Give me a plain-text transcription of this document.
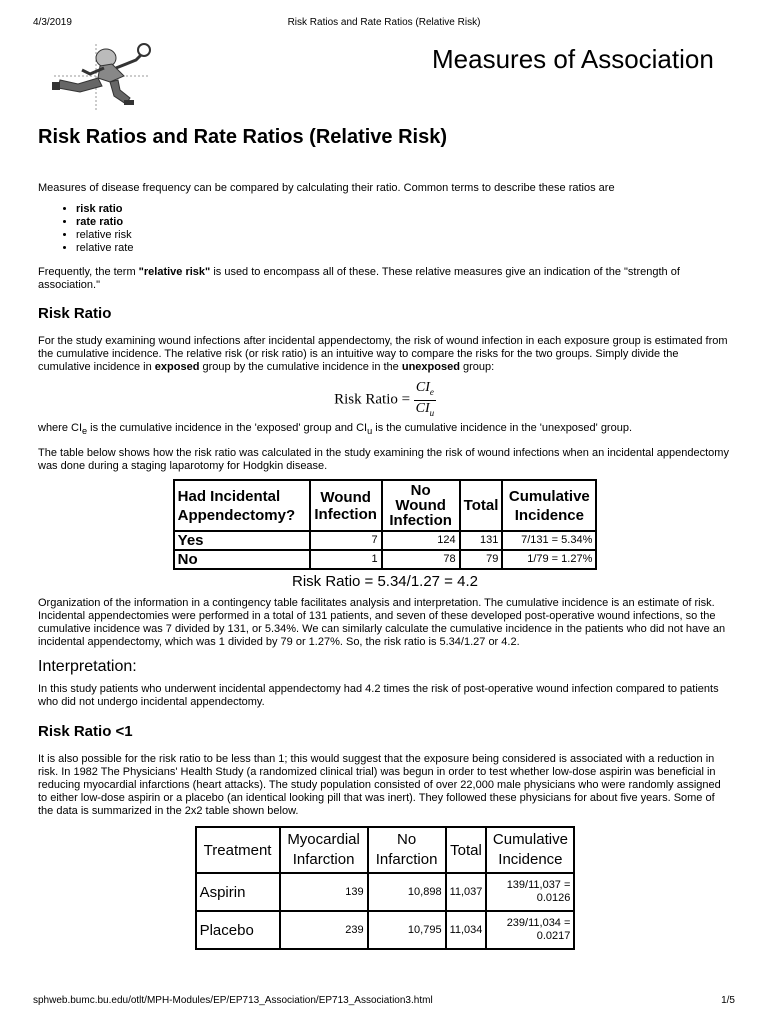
4/3/2019	Risk Ratios and Rate Ratios (Relative Risk)
Measures of Association
Risk Ratios and Rate Ratios (Relative Risk)

Measures of disease frequency can be compared by calculating their ratio. Common terms to describe these ratios are

• risk ratio
• rate ratio
• relative risk
• relative rate

Frequently, the term "relative risk" is used to encompass all of these. These relative measures give an indication of the "strength of association."

Risk Ratio

For the study examining wound infections after incidental appendectomy, the risk of wound infection in each exposure group is estimated from the cumulative incidence. The relative risk (or risk ratio) is an intuitive way to compare the risks for the two groups. Simply divide the cumulative incidence in exposed group by the cumulative incidence in the unexposed group:

Risk Ratio = $\frac{CI_e}{CI_u}$

where $CI_e$ is the cumulative incidence in the 'exposed' group and $CI_u$ is the cumulative incidence in the 'unexposed' group.

The table below shows how the risk ratio was calculated in the study examining the risk of wound infections when an incidental appendectomy was done during a staging laparotomy for Hodgkin disease.

Had Incidental Appendectomy?	Wound Infection	No Wound Infection	Total	Cumulative Incidence
Yes	7	124	131	7/131 = 5.34%
No	1	78	79	1/79 = 1.27%
Risk Ratio = 5.34/1.27 = 4.2

Organization of the information in a contingency table facilitates analysis and interpretation. The cumulative incidence is an estimate of risk. Incidental appendectomies were performed in a total of 131 patients, and seven of these developed post-operative wound infections, so the cumulative incidence was 7 divided by 131, or 5.34%. We can similarly calculate the cumulative incidence in the patients who did not have an incidental appendectomy, which was 1 divided by 79 or 1.27%. So, the risk ratio is 5.34/1.27 or 4.2.

Interpretation:

In this study patients who underwent incidental appendectomy had 4.2 times the risk of post-operative wound infection compared to patients who did not undergo incidental appendectomy.

Risk Ratio <1

It is also possible for the risk ratio to be less than 1; this would suggest that the exposure being considered is associated with a reduction in risk. In 1982 The Physicians' Health Study (a randomized clinical trial) was begun in order to test whether low-dose aspirin was beneficial in reducing myocardial infarctions (heart attacks). The study population consisted of over 22,000 male physicians who were randomly assigned to either low-dose aspirin or a placebo (an identical looking pill that was inert). They followed these physicians for about five years. Some of the data is summarized in the 2x2 table shown below.

Treatment	Myocardial Infarction	No Infarction	Total	Cumulative Incidence
Aspirin	139	10,898	11,037	139/11,037 = 0.0126
Placebo	239	10,795	11,034	239/11,034 = 0.0217
sphweb.bumc.bu.edu/otlt/MPH-Modules/EP/EP713_Association/EP713_Association3.html	1/5
